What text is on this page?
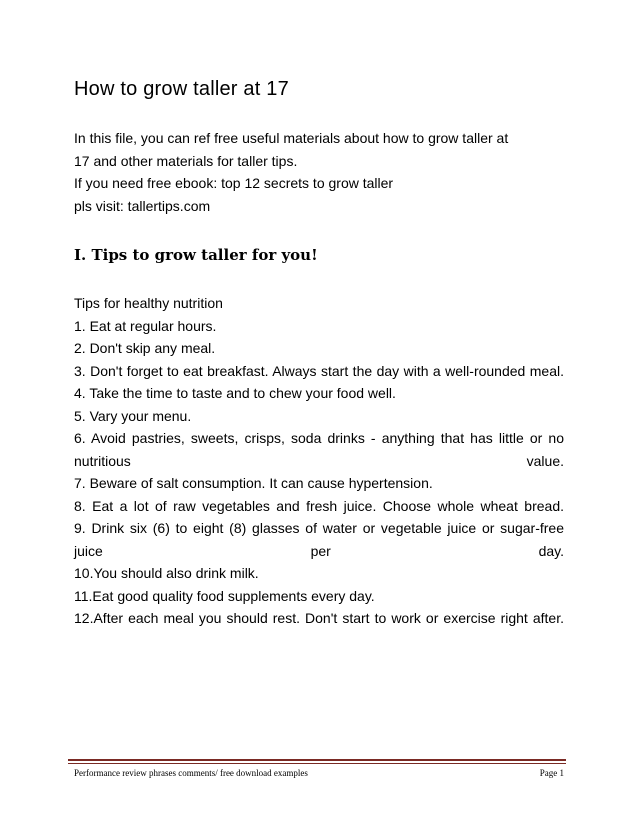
How to grow taller at 17
In this file, you can ref free useful materials about how to grow taller at
17 and other materials for taller tips.
If you need free ebook: top 12 secrets to grow taller
pls visit: tallertips.com
I. Tips to grow taller for you!
Tips for healthy nutrition
1. Eat at regular hours.
2. Don't skip any meal.
3. Don't forget to eat breakfast. Always start the day with a well-rounded meal.
4. Take the time to taste and to chew your food well.
5. Vary your menu.
6. Avoid pastries, sweets, crisps, soda drinks - anything that has little or no nutritious value.
7. Beware of salt consumption. It can cause hypertension.
8. Eat a lot of raw vegetables and fresh juice. Choose whole wheat bread.
9. Drink six (6) to eight (8) glasses of water or vegetable juice or sugar-free juice per day.
10.You should also drink milk.
11.Eat good quality food supplements every day.
12.After each meal you should rest. Don't start to work or exercise right after.
Performance review phrases comments/ free download examples	Page 1
